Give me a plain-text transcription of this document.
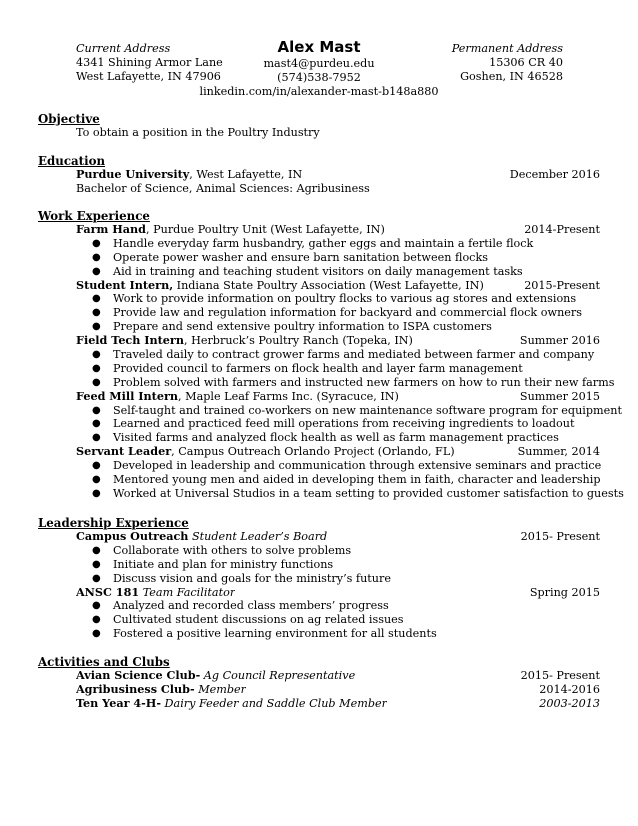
Current Address
4341 Shining Armor Lane
West Lafayette, IN 47906
Alex Mast
mast4@purdeu.edu
(574)538-7952
linkedin.com/in/alexander-mast-b148a880
Permanent Address
15306 CR 40
Goshen, IN 46528
Objective
To obtain a position in the Poultry Industry
Education
Purdue University, West Lafayette, IN	December 2016
Bachelor of Science, Animal Sciences: Agribusiness
Work Experience
Farm Hand, Purdue Poultry Unit (West Lafayette, IN)	2014-Present
● Handle everyday farm husbandry, gather eggs and maintain a fertile flock
● Operate power washer and ensure barn sanitation between flocks
● Aid in training and teaching student visitors on daily management tasks
Student Intern, Indiana State Poultry Association (West Lafayette, IN)	2015-Present
● Work to provide information on poultry flocks to various ag stores and extensions
● Provide law and regulation information for backyard and commercial flock owners
● Prepare and send extensive poultry information to ISPA customers
Field Tech Intern, Herbruck’s Poultry Ranch (Topeka, IN)	Summer 2016
● Traveled daily to contract grower farms and mediated between farmer and company
● Provided council to farmers on flock health and layer farm management
● Problem solved with farmers and instructed new farmers on how to run their new farms
Feed Mill Intern, Maple Leaf Farms Inc. (Syracuce, IN)	Summer 2015
● Self-taught and trained co-workers on new maintenance software program for equipment
● Learned and practiced feed mill operations from receiving ingredients to loadout
● Visited farms and analyzed flock health as well as farm management practices
Servant Leader, Campus Outreach Orlando Project (Orlando, FL)	Summer, 2014
● Developed in leadership and communication through extensive seminars and practice
● Mentored young men and aided in developing them in faith, character and leadership
● Worked at Universal Studios in a team setting to provided customer satisfaction to guests
Leadership Experience
Campus Outreach Student Leader’s Board	2015- Present
● Collaborate with others to solve problems
● Initiate and plan for ministry functions
● Discuss vision and goals for the ministry’s future
ANSC 181 Team Facilitator	Spring 2015
● Analyzed and recorded class members’ progress
● Cultivated student discussions on ag related issues
● Fostered a positive learning environment for all students
Activities and Clubs
Avian Science Club- Ag Council Representative	2015- Present
Agribusiness Club- Member	2014-2016
Ten Year 4-H- Dairy Feeder and Saddle Club Member	2003-2013
